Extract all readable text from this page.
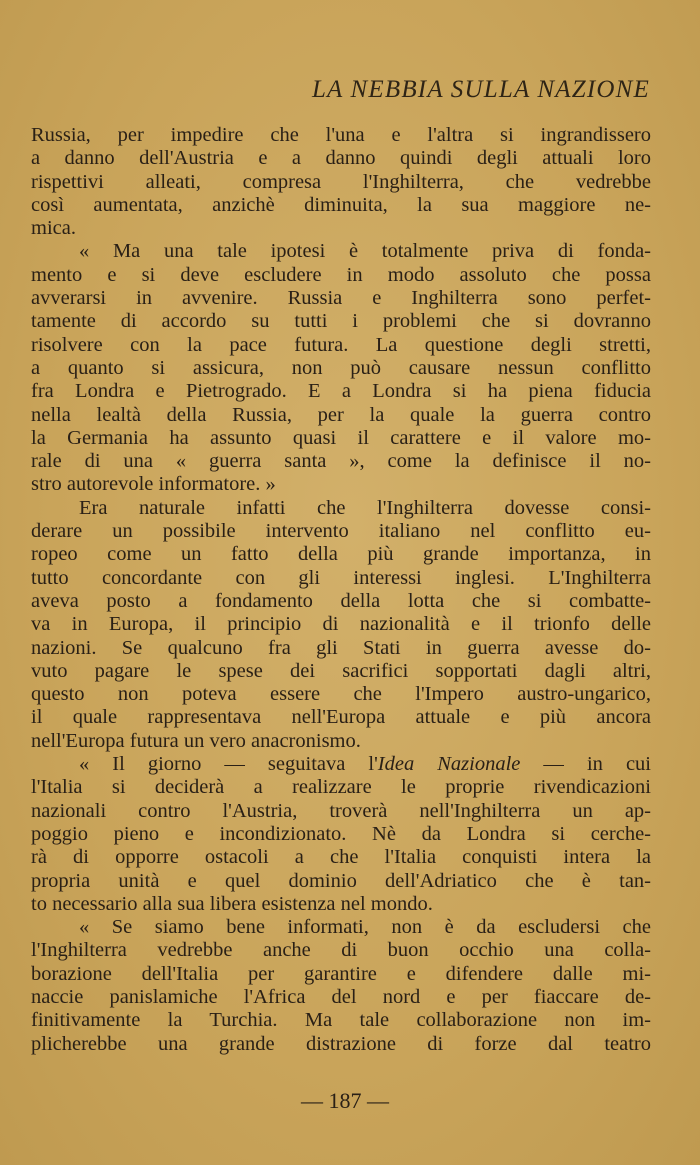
LA NEBBIA SULLA NAZIONE
Russia, per impedire che l'una e l'altra si ingrandissero
a danno dell'Austria e a danno quindi degli attuali loro
rispettivi alleati, compresa l'Inghilterra, che vedrebbe
così aumentata, anzichè diminuita, la sua maggiore ne-
mica.
« Ma una tale ipotesi è totalmente priva di fonda-
mento e si deve escludere in modo assoluto che possa
avverarsi in avvenire. Russia e Inghilterra sono perfet-
tamente di accordo su tutti i problemi che si dovranno
risolvere con la pace futura. La questione degli stretti,
a quanto si assicura, non può causare nessun conflitto
fra Londra e Pietrogrado. E a Londra si ha piena fiducia
nella lealtà della Russia, per la quale la guerra contro
la Germania ha assunto quasi il carattere e il valore mo-
rale di una « guerra santa », come la definisce il no-
stro autorevole informatore. »
Era naturale infatti che l'Inghilterra dovesse consi-
derare un possibile intervento italiano nel conflitto eu-
ropeo come un fatto della più grande importanza, in
tutto concordante con gli interessi inglesi. L'Inghilterra
aveva posto a fondamento della lotta che si combatte-
va in Europa, il principio di nazionalità e il trionfo delle
nazioni. Se qualcuno fra gli Stati in guerra avesse do-
vuto pagare le spese dei sacrifici sopportati dagli altri,
questo non poteva essere che l'Impero austro-ungarico,
il quale rappresentava nell'Europa attuale e più ancora
nell'Europa futura un vero anacronismo.
« Il giorno — seguitava l'Idea Nazionale — in cui
l'Italia si deciderà a realizzare le proprie rivendicazioni
nazionali contro l'Austria, troverà nell'Inghilterra un ap-
poggio pieno e incondizionato. Nè da Londra si cerche-
rà di opporre ostacoli a che l'Italia conquisti intera la
propria unità e quel dominio dell'Adriatico che è tan-
to necessario alla sua libera esistenza nel mondo.
« Se siamo bene informati, non è da escludersi che
l'Inghilterra vedrebbe anche di buon occhio una colla-
borazione dell'Italia per garantire e difendere dalle mi-
naccie panislamiche l'Africa del nord e per fiaccare de-
finitivamente la Turchia. Ma tale collaborazione non im-
plicherebbe una grande distrazione di forze dal teatro
— 187 —
